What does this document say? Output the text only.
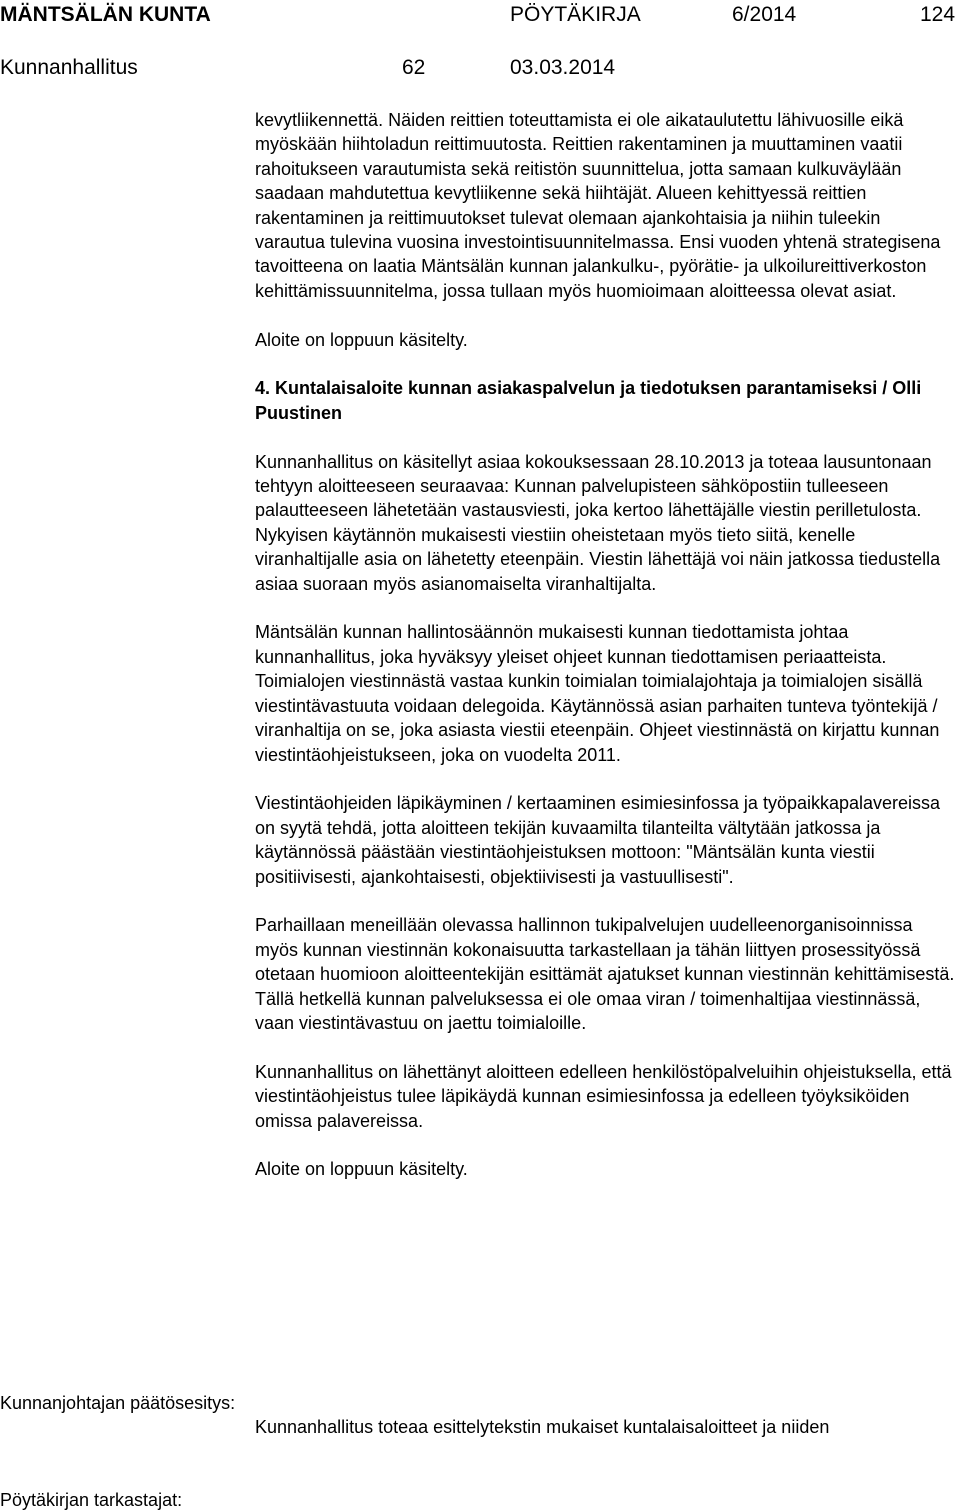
MÄNTSÄLÄN KUNTA	PÖYTÄKIRJA	6/2014	124
Kunnanhallitus	62	03.03.2014

kevytliikennettä. Näiden reittien toteuttamista ei ole aikataulutettu lähivuosille eikä myöskään hiihtoladun reittimuutosta. Reittien rakentaminen ja muuttaminen vaatii rahoitukseen varautumista sekä reitistön suunnittelua, jotta samaan kulkuväylään saadaan mahdutettua kevytliikenne sekä hiihtäjät. Alueen kehittyessä reittien rakentaminen ja reittimuutokset tulevat olemaan ajankohtaisia ja niihin tuleekin varautua tulevina vuosina investointisuunnitelmassa. Ensi vuoden yhtenä strategisena tavoitteena on laatia Mäntsälän kunnan jalankulku-, pyörätie- ja ulkoilureittiverkoston kehittämissuunnitelma, jossa tullaan myös huomioimaan aloitteessa olevat asiat.

Aloite on loppuun käsitelty.

4. Kuntalaisaloite kunnan asiakaspalvelun ja tiedotuksen parantamiseksi / Olli Puustinen

Kunnanhallitus on käsitellyt asiaa kokouksessaan 28.10.2013 ja toteaa lausuntonaan tehtyyn aloitteeseen seuraavaa: Kunnan palvelupisteen sähköpostiin tulleeseen palautteeseen lähetetään vastausviesti, joka kertoo lähettäjälle viestin perilletulosta. Nykyisen käytännön mukaisesti viestiin oheistetaan myös tieto siitä, kenelle viranhaltijalle asia on lähetetty eteenpäin. Viestin lähettäjä voi näin jatkossa tiedustella asiaa suoraan myös asianomaiselta viranhaltijalta.

Mäntsälän kunnan hallintosäännön mukaisesti kunnan tiedottamista johtaa kunnanhallitus, joka hyväksyy yleiset ohjeet kunnan tiedottamisen periaatteista. Toimialojen viestinnästä vastaa kunkin toimialan toimialajohtaja ja toimialojen sisällä viestintävastuuta voidaan delegoida. Käytännössä asian parhaiten tunteva työntekijä / viranhaltija on se, joka asiasta viestii eteenpäin. Ohjeet viestinnästä on kirjattu kunnan viestintäohjeistukseen, joka on vuodelta 2011.

Viestintäohjeiden läpikäyminen / kertaaminen esimiesinfossa ja työpaikkapalavereissa on syytä tehdä, jotta aloitteen tekijän kuvaamilta tilanteilta vältytään jatkossa ja käytännössä päästään viestintäohjeistuksen mottoon: "Mäntsälän kunta viestii positiivisesti, ajankohtaisesti, objektiivisesti ja vastuullisesti".

Parhaillaan meneillään olevassa hallinnon tukipalvelujen uudelleenorganisoinnissa myös kunnan viestinnän kokonaisuutta tarkastellaan ja tähän liittyen prosessityössä otetaan huomioon aloitteentekijän esittämät ajatukset kunnan viestinnän kehittämisestä. Tällä hetkellä kunnan palveluksessa ei ole omaa viran / toimenhaltijaa viestinnässä, vaan viestintävastuu on jaettu toimialoille.

Kunnanhallitus on lähettänyt aloitteen edelleen henkilöstöpalveluihin ohjeistuksella, että viestintäohjeistus tulee läpikäydä kunnan esimiesinfossa ja edelleen työyksiköiden omissa palavereissa.

Aloite on loppuun käsitelty.

Kunnanjohtajan päätösesitys:
Kunnanhallitus toteaa esittelytekstin mukaiset kuntalaisaloitteet ja niiden
Pöytäkirjan tarkastajat:
